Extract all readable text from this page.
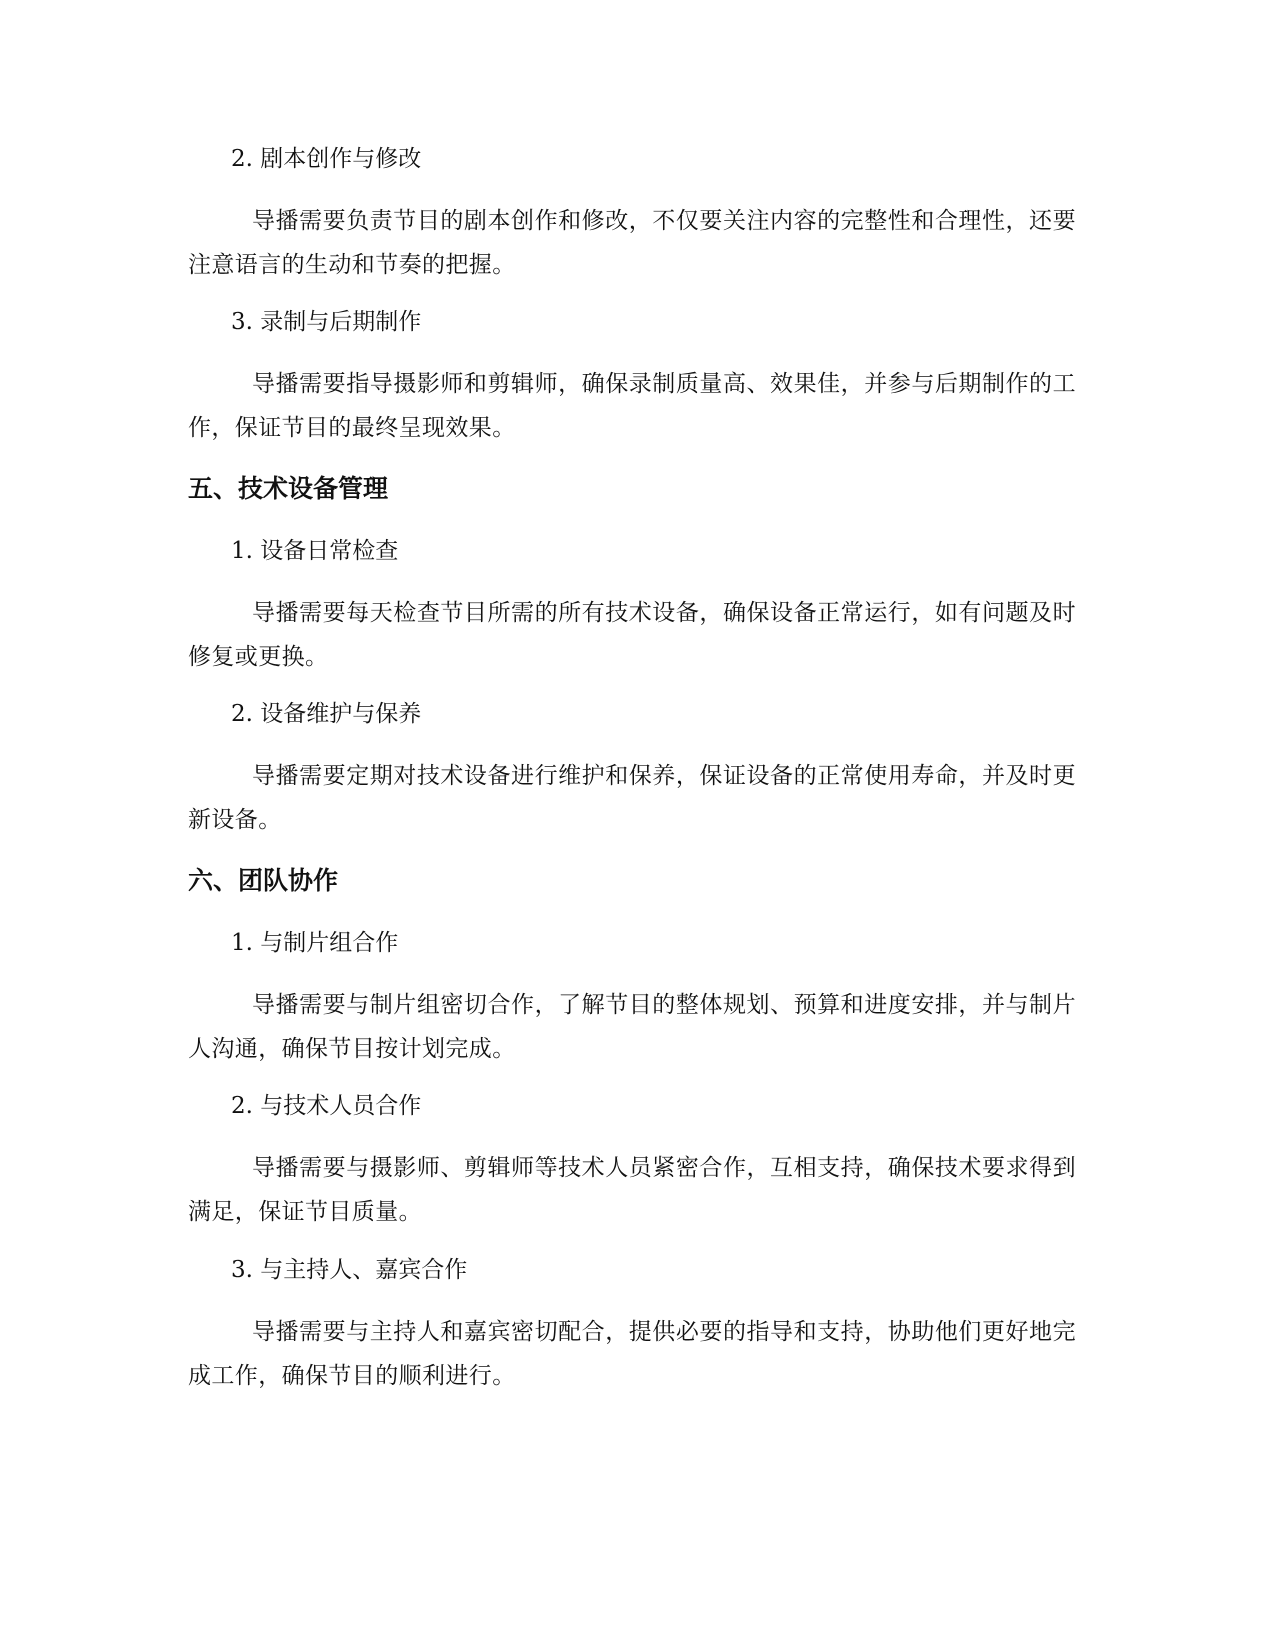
2. 剧本创作与修改
导播需要负责节目的剧本创作和修改，不仅要关注内容的完整性和合理性，还要注意语言的生动和节奏的把握。
3. 录制与后期制作
导播需要指导摄影师和剪辑师，确保录制质量高、效果佳，并参与后期制作的工作，保证节目的最终呈现效果。
五、技术设备管理
1. 设备日常检查
导播需要每天检查节目所需的所有技术设备，确保设备正常运行，如有问题及时修复或更换。
2. 设备维护与保养
导播需要定期对技术设备进行维护和保养，保证设备的正常使用寿命，并及时更新设备。
六、团队协作
1. 与制片组合作
导播需要与制片组密切合作，了解节目的整体规划、预算和进度安排，并与制片人沟通，确保节目按计划完成。
2. 与技术人员合作
导播需要与摄影师、剪辑师等技术人员紧密合作，互相支持，确保技术要求得到满足，保证节目质量。
3. 与主持人、嘉宾合作
导播需要与主持人和嘉宾密切配合，提供必要的指导和支持，协助他们更好地完成工作，确保节目的顺利进行。
